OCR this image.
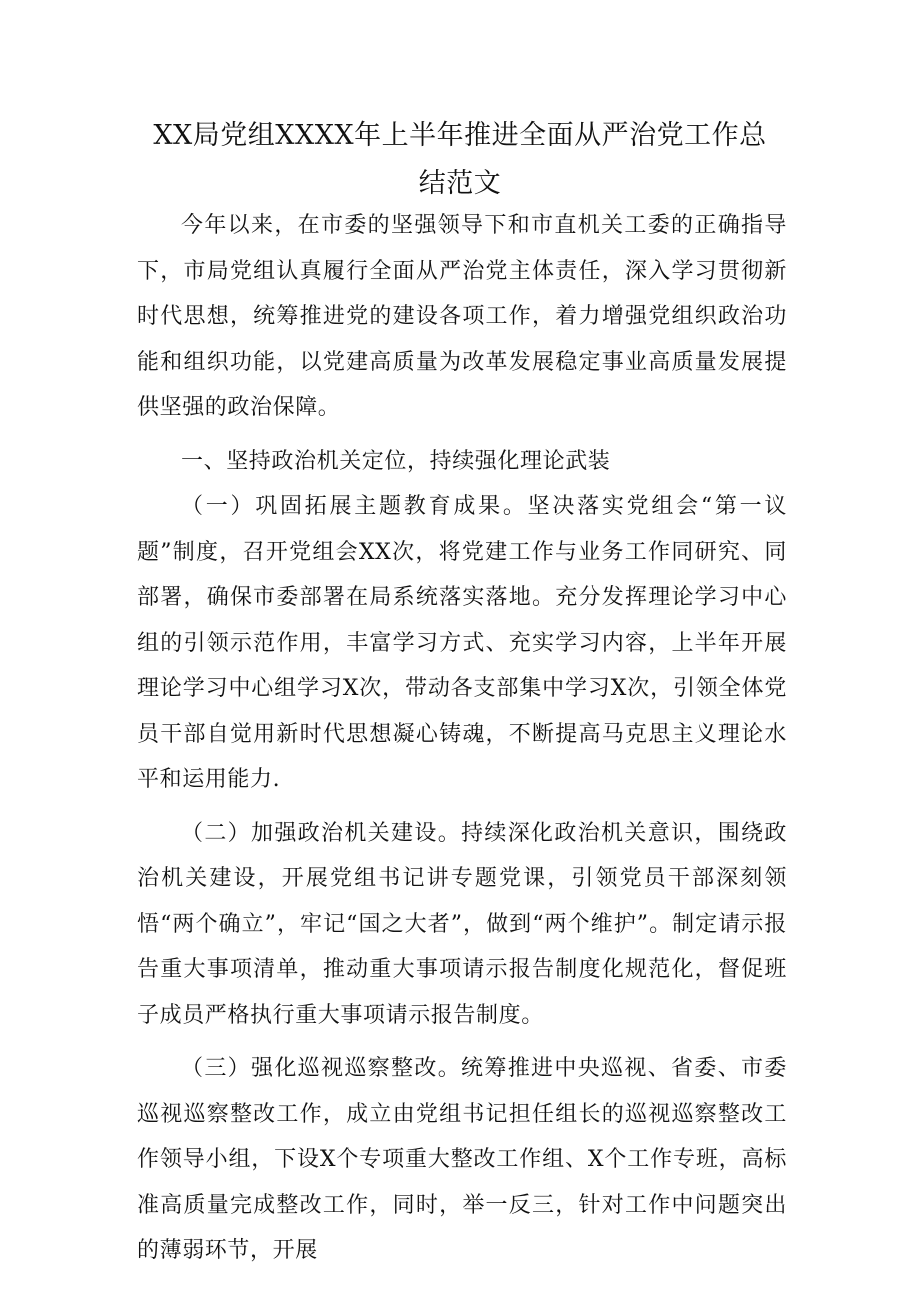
XX局党组XXXX年上半年推进全面从严治党工作总结范文

今年以来，在市委的坚强领导下和市直机关工委的正确指导下，市局党组认真履行全面从严治党主体责任，深入学习贯彻新时代思想，统筹推进党的建设各项工作，着力增强党组织政治功能和组织功能，以党建高质量为改革发展稳定事业高质量发展提供坚强的政治保障。

一、坚持政治机关定位，持续强化理论武装

（一）巩固拓展主题教育成果。坚决落实党组会“第一议题”制度，召开党组会XX次，将党建工作与业务工作同研究、同部署，确保市委部署在局系统落实落地。充分发挥理论学习中心组的引领示范作用，丰富学习方式、充实学习内容，上半年开展理论学习中心组学习X次，带动各支部集中学习X次，引领全体党员干部自觉用新时代思想凝心铸魂，不断提高马克思主义理论水平和运用能力.

（二）加强政治机关建设。持续深化政治机关意识，围绕政治机关建设，开展党组书记讲专题党课，引领党员干部深刻领悟“两个确立”，牢记“国之大者”，做到“两个维护”。制定请示报告重大事项清单，推动重大事项请示报告制度化规范化，督促班子成员严格执行重大事项请示报告制度。

（三）强化巡视巡察整改。统筹推进中央巡视、省委、市委巡视巡察整改工作，成立由党组书记担任组长的巡视巡察整改工作领导小组，下设X个专项重大整改工作组、X个工作专班，高标准高质量完成整改工作，同时，举一反三，针对工作中问题突出的薄弱环节，开展
